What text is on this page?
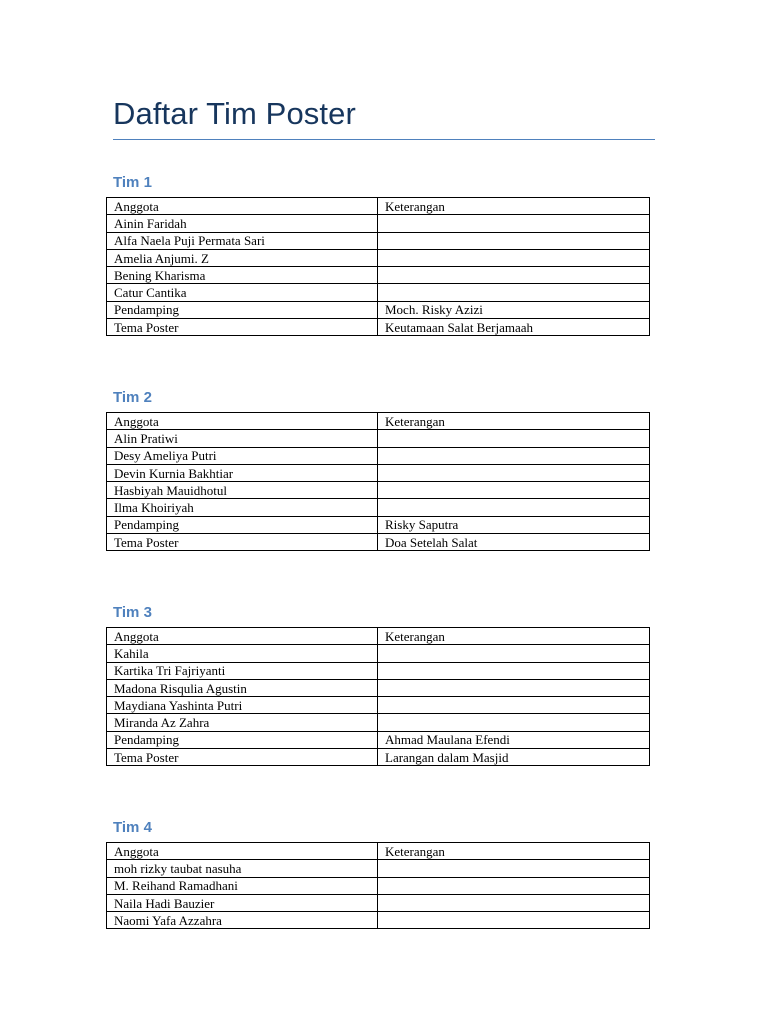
Daftar Tim Poster
Tim 1
Anggota	Keterangan
Ainin Faridah	
Alfa Naela Puji Permata Sari	
Amelia Anjumi. Z	
Bening Kharisma	
Catur Cantika	
Pendamping	Moch. Risky Azizi
Tema Poster	Keutamaan Salat Berjamaah
Tim 2
Anggota	Keterangan
Alin Pratiwi	
Desy Ameliya Putri	
Devin Kurnia Bakhtiar	
Hasbiyah Mauidhotul	
Ilma Khoiriyah	
Pendamping	Risky Saputra
Tema Poster	Doa Setelah Salat
Tim 3
Anggota	Keterangan
Kahila	
Kartika Tri Fajriyanti	
Madona Risqulia Agustin	
Maydiana Yashinta Putri	
Miranda Az Zahra	
Pendamping	Ahmad Maulana Efendi
Tema Poster	Larangan dalam Masjid
Tim 4
Anggota	Keterangan
moh rizky taubat nasuha	
M. Reihand Ramadhani	
Naila Hadi Bauzier	
Naomi Yafa Azzahra	
